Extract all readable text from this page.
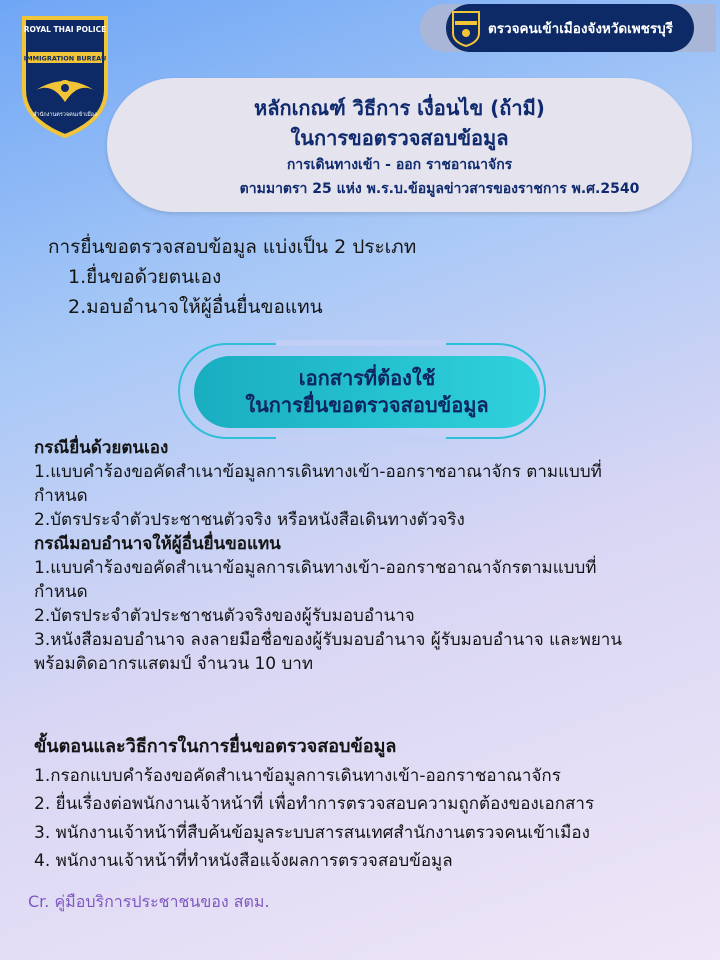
ROYAL THAI POLICE
IMMIGRATION BUREAU
สำนักงานตรวจคนเข้าเมือง
ตรวจคนเข้าเมืองจังหวัดเพชรบุรี
หลักเกณฑ์ วิธีการ เงื่อนไข (ถ้ามี)
ในการขอตรวจสอบข้อมูล
การเดินทางเข้า - ออก ราชอาณาจักร
ตามมาตรา 25 แห่ง พ.ร.บ.ข้อมูลข่าวสารของราชการ พ.ศ.2540
การยื่นขอตรวจสอบข้อมูล แบ่งเป็น 2 ประเภท
1.ยื่นขอด้วยตนเอง
2.มอบอำนาจให้ผู้อื่นยื่นขอแทน
เอกสารที่ต้องใช้
ในการยื่นขอตรวจสอบข้อมูล
กรณียื่นด้วยตนเอง
1.แบบคำร้องขอคัดสำเนาข้อมูลการเดินทางเข้า-ออกราชอาณาจักร ตามแบบที่
กำหนด
2.บัตรประจำตัวประชาชนตัวจริง หรือหนังสือเดินทางตัวจริง
กรณีมอบอำนาจให้ผู้อื่นยื่นขอแทน
1.แบบคำร้องขอคัดสำเนาข้อมูลการเดินทางเข้า-ออกราชอาณาจักรตามแบบที่
กำหนด
2.บัตรประจำตัวประชาชนตัวจริงของผู้รับมอบอำนาจ
3.หนังสือมอบอำนาจ ลงลายมือชื่อของผู้รับมอบอำนาจ ผู้รับมอบอำนาจ และพยาน
พร้อมติดอากรแสตมป์ จำนวน 10 บาท
ขั้นตอนและวิธีการในการยื่นขอตรวจสอบข้อมูล
1.กรอกแบบคำร้องขอคัดสำเนาข้อมูลการเดินทางเข้า-ออกราชอาณาจักร
2. ยื่นเรื่องต่อพนักงานเจ้าหน้าที่ เพื่อทำการตรวจสอบความถูกต้องของเอกสาร
3. พนักงานเจ้าหน้าที่สืบค้นข้อมูลระบบสารสนเทศสำนักงานตรวจคนเข้าเมือง
4. พนักงานเจ้าหน้าที่ทำหนังสือแจ้งผลการตรวจสอบข้อมูล
Cr. คู่มือบริการประชาชนของ สตม.
